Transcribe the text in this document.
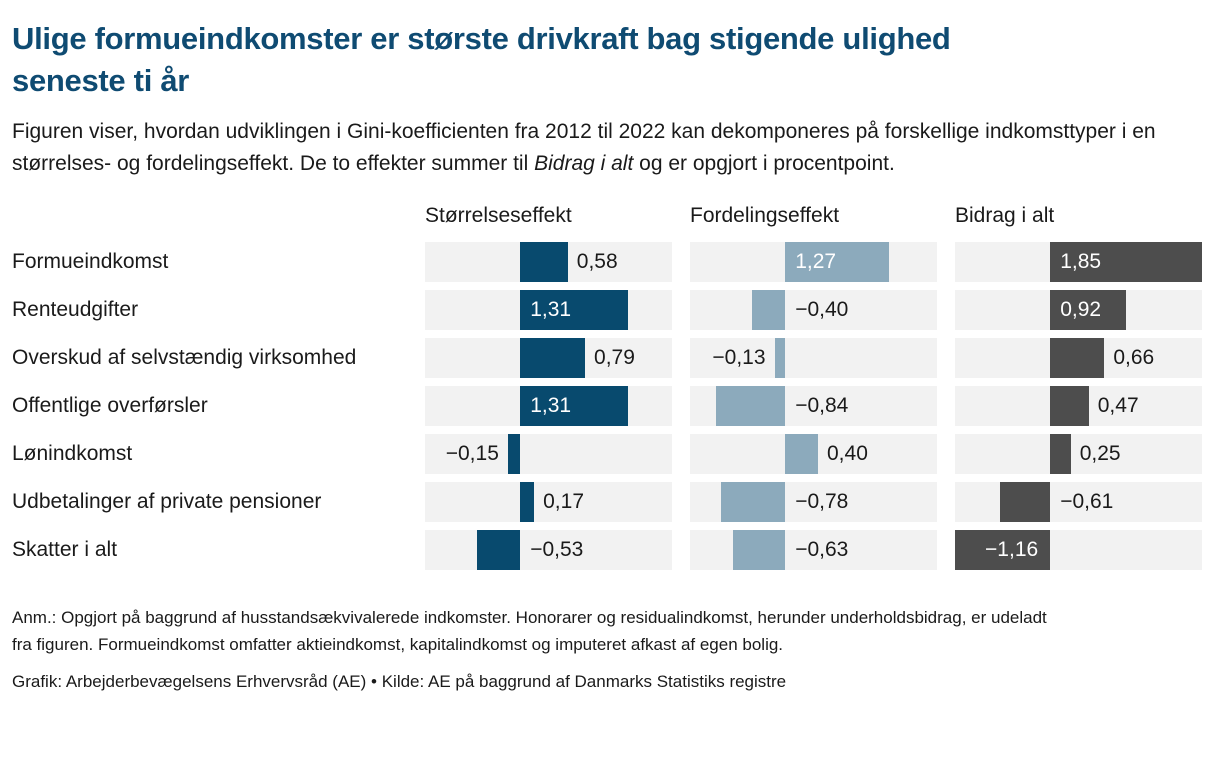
Ulige formueindkomster er største drivkraft bag stigende ulighed seneste ti år

Figuren viser, hvordan udviklingen i Gini-koefficienten fra 2012 til 2022 kan dekomponeres på forskellige indkomsttyper i en størrelses- og fordelingseffekt. De to effekter summer til Bidrag i alt og er opgjort i procentpoint.

Størrelseseffekt	Fordelingseffekt	Bidrag i alt
Formueindkomst	0,58	1,27	1,85
Renteudgifter	1,31	−0,40	0,92
Overskud af selvstændig virksomhed	0,79	−0,13	0,66
Offentlige overførsler	1,31	−0,84	0,47
Lønindkomst	−0,15	0,40	0,25
Udbetalinger af private pensioner	0,17	−0,78	−0,61
Skatter i alt	−0,53	−0,63	−1,16

Anm.: Opgjort på baggrund af husstandsækvivalerede indkomster. Honorarer og residualindkomst, herunder underholdsbidrag, er udeladt fra figuren. Formueindkomst omfatter aktieindkomst, kapitalindkomst og imputeret afkast af egen bolig.

Grafik: Arbejderbevægelsens Erhvervsråd (AE) • Kilde: AE på baggrund af Danmarks Statistiks registre
